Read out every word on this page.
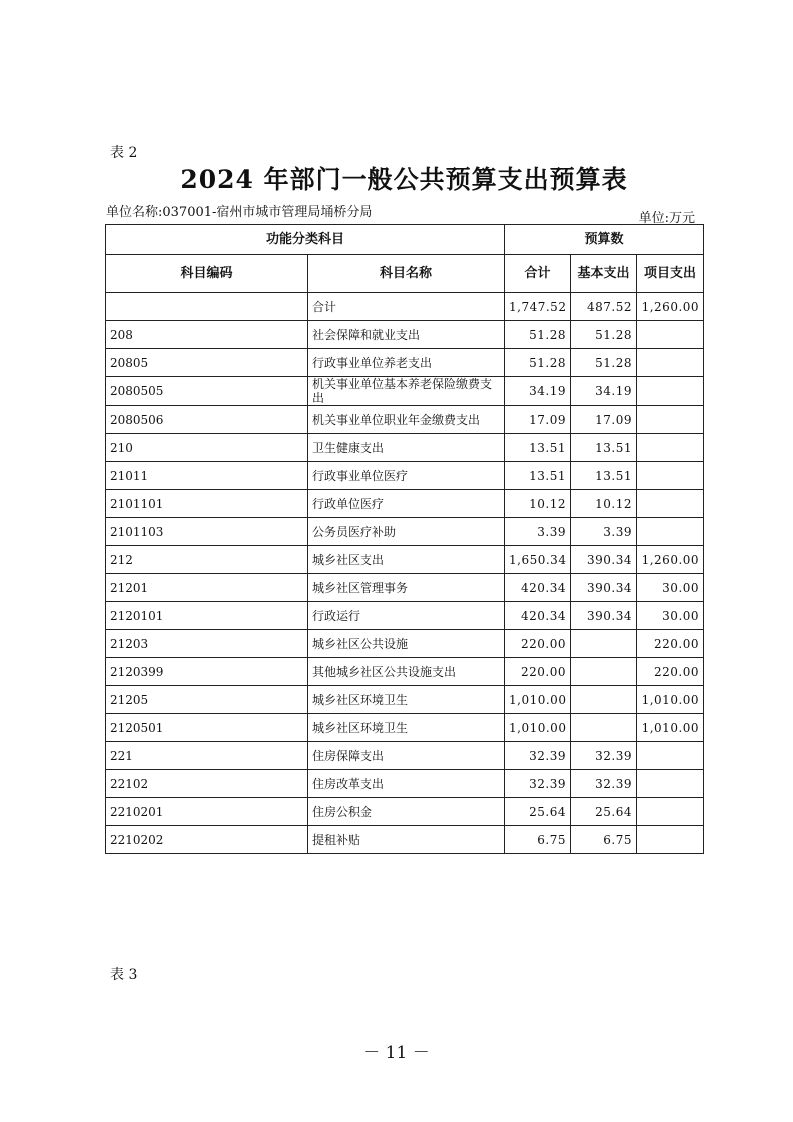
表 2
2024 年部门一般公共预算支出预算表
单位名称:037001-宿州市城市管理局埇桥分局	单位:万元
功能分类科目		预算数		
科目编码	科目名称	合计	基本支出	项目支出
	合计	1,747.52	487.52	1,260.00
208	社会保障和就业支出	51.28	51.28	
20805	行政事业单位养老支出	51.28	51.28	
2080505	机关事业单位基本养老保险缴费支出	34.19	34.19	
2080506	机关事业单位职业年金缴费支出	17.09	17.09	
210	卫生健康支出	13.51	13.51	
21011	行政事业单位医疗	13.51	13.51	
2101101	行政单位医疗	10.12	10.12	
2101103	公务员医疗补助	3.39	3.39	
212	城乡社区支出	1,650.34	390.34	1,260.00
21201	城乡社区管理事务	420.34	390.34	30.00
2120101	行政运行	420.34	390.34	30.00
21203	城乡社区公共设施	220.00		220.00
2120399	其他城乡社区公共设施支出	220.00		220.00
21205	城乡社区环境卫生	1,010.00		1,010.00
2120501	城乡社区环境卫生	1,010.00		1,010.00
221	住房保障支出	32.39	32.39	
22102	住房改革支出	32.39	32.39	
2210201	住房公积金	25.64	25.64	
2210202	提租补贴	6.75	6.75	
表 3
－ 11 －
